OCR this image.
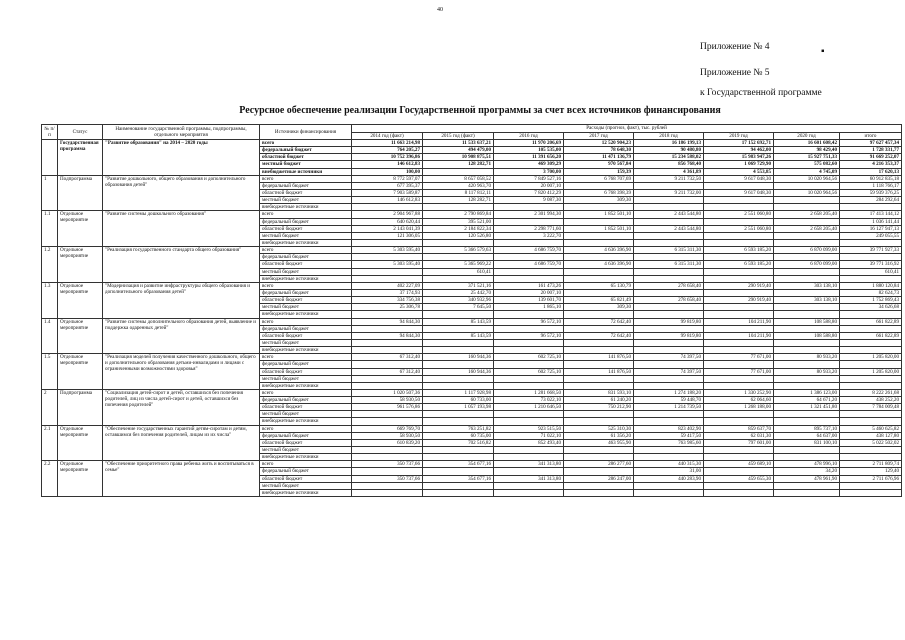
40
Приложение № 4	▪
Приложение № 5
к Государственной программе
Ресурсное обеспечение реализации Государственной программы за счет всех источников финансирования
№ п/п	Статус	Наименование государственной программы, подпрограммы, отдельного мероприятия	Источники финансирования	Расходы (прогноз, факт), тыс. рублей							
				2014 год (факт)	2015 год (факт)	2016 год	2017 год	2018 год	2019 год	2020 год	итого
	Государственная программа	"Развитие образования" на 2014 – 2020 годы	всего	11 663 214,98	11 533 637,21	11 970 206,69	12 520 904,23	16 186 199,13	17 152 692,71	16 601 608,42	97 627 457,34
			федеральный бюджет	764 205,27	494 479,00	105 535,00	78 648,30	90 480,80	94 462,00	98 429,40	1 728 331,77
			областной бюджет	10 752 396,86	10 908 875,51	11 391 656,20	11 471 136,79	15 234 588,02	15 983 947,26	15 927 751,33	91 669 252,07
			местный бюджет	146 612,83	128 282,71	469 309,29	970 567,84	856 768,40	1 069 729,90	575 082,60	4 216 353,37
			внебюджетные источники	100,00		3 700,00	159,39	4 361,89	4 553,85	4 745,09	17 620,13
1	Подпрограмма	"Развитие дошкольного, общего образования и дополнительного образования детей"	всего	8 772 597,07	8 657 058,52	7 849 527,16	6 768 707,69	9 211 732,50	9 617 048,30	10 020 964,56	60 912 835,18
			федеральный бюджет	677 395,37	420 963,70	20 007,10					1 118 766,17
			областной бюджет	7 903 589,87	8 117 812,11	7 820 412,29	6 768 398,39	9 211 732,00	9 617 048,30	10 020 964,56	59 939 376,25
			местный бюджет	146 612,83	128 282,71	9 087,30	309,30				284 292,64
			внебюджетные источники								
1.1	Отдельное мероприятие	"Развитие системы дошкольного образования"	всего	2 904 967,88	2 790 869,84	2 301 994,30	1 852 501,10	2 443 544,80	2 551 060,80	2 658 205,40	17 413 144,12
			федеральный бюджет	640 620,44	395 521,00						1 036 141,44
			областной бюджет	2 143 041,39	2 184 822,34	2 298 771,60	1 852 501,10	2 443 544,80	2 551 060,80	2 658 205,40	16 127 947,13
			местный бюджет	121 306,05	120 526,80	3 222,70					249 055,55
			внебюджетные источники								
1.2	Отдельное мероприятие	"Реализация государственного стандарта общего образования"	всего	5 303 595,40	5 366 579,63	4 686 759,70	4 636 396,90	6 315 311,30	6 593 185,20	6 870 099,00	39 771 927,33
			федеральный бюджет								
			областной бюджет	5 303 595,40	5 365 969,22	4 686 759,70	4 636 396,90	6 315 311,30	6 593 185,20	6 870 099,00	39 771 316,92
			местный бюджет		610,41						610,41
			внебюджетные источники								
1.3	Отдельное мероприятие	"Модернизация и развитие инфраструктуры общего образования и дополнительного образования детей"	всего	402 227,09	371 521,16	161 473,26	65 130,79	278 658,40	290 919,40	303 138,10	1 880 120,84
			федеральный бюджет	37 174,93	25 442,70	20 007,10					82 624,73
			областной бюджет	334 756,38	340 932,96	139 601,70	65 821,49	278 658,40	290 919,40	303 138,10	1 752 869,43
			местный бюджет	25 306,78	7 645,50	1 865,10	309,30				34 626,68
			внебюджетные источники								
1.4	Отдельное мероприятие	"Развитие системы дополнительного образования детей, выявление и поддержка одаренных детей"	всего	94 844,30	85 143,59	96 572,10	72 642,40	99 819,80	104 211,90	108 588,80	661 822,89
			федеральный бюджет								
			областной бюджет	94 844,30	85 143,59	96 572,10	72 642,40	99 819,80	104 211,90	108 588,80	661 822,89
			местный бюджет								
			внебюджетные источники								
1.5	Отдельное мероприятие	"Реализация моделей получения качественного дошкольного, общего и дополнительного образования детьми-инвалидами и лицами с ограниченными возможностями здоровья"	всего	67 312,40	160 944,36	602 725,10	141 876,50	74 397,50	77 671,00	80 933,20	1 205 820,00
			федеральный бюджет								
			областной бюджет	67 312,40	160 944,36	602 725,10	141 876,50	74 397,50	77 671,00	80 933,20	1 205 820,00
			местный бюджет								
			внебюджетные источники								
2	Подпрограмма	"Социализация детей-сирот и детей, оставшихся без попечения родителей, лиц из числа детей-сирот и детей, оставшихся без попечения родителей"	всего	1 020 507,36	1 117 928,98	1 281 668,50	831 593,10	1 274 188,20	1 330 252,90	1 386 123,00	8 222 261,68
			федеральный бюджет	58 930,50	60 733,00	73 022,10	61 240,20	59 448,70	62 064,60	64 671,20	438 252,20
			областной бюджет	961 576,86	1 057 193,98	1 210 646,50	750 212,90	1 214 739,50	1 268 188,00	1 321 451,80	7 784 009,48
			местный бюджет								
			внебюджетные источники								
2.1	Отдельное мероприятие	"Обеспечение государственных гарантий детям-сиротам и детям, оставшимся без попечения родителей, лицам из их числа"	всего	669 769,70	763 251,82	923 515,50	525 310,30	823 402,90	859 637,70	895 737,10	5 460 625,82
			федеральный бюджет	58 930,50	60 735,00	71 022,10	61 356,20	59 417,50	62 031,30	64 637,00	438 127,80
			областной бюджет	610 839,20	702 516,82	852 493,40	463 955,90	763 985,60	797 601,00	831 100,10	5 022 502,02
			местный бюджет								
			внебюджетные источники								
2.2	Отдельное мероприятие	"Обеспечение приоритетного права ребенка жить и воспитываться в семье"	всего	350 737,66	354 677,16	341 313,80	286 277,60	440 315,30	459 689,10	478 996,10	2 711 809,74
			федеральный бюджет					31,00		34,20	129,40
			областной бюджет	350 737,66	354 677,16	341 313,80	286 247,00	440 283,90	459 655,30	478 961,90	2 711 676,96
			местный бюджет								
			внебюджетные источники								
